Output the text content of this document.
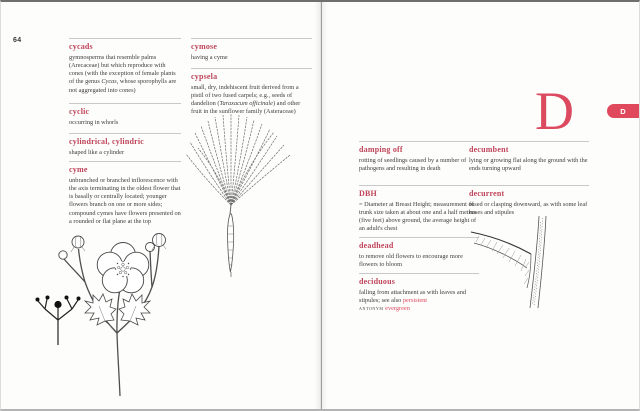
64
cycads

gymnosperms that resemble palms (Arecaceae) but which reproduce with cones (with the exception of female plants of the genus Cycas, whose sporophylls are not aggregated into cones)

cyclic

occurring in whorls

cylindrical, cylindric

shaped like a cylinder

cyme

unbranched or branched inflorescence with the axis terminating in the oldest flower that is basally or centrally located; younger flowers branch on one or more sides; compound cymes have flowers presented on a rounded or flat plane at the top

cymose

having a cyme

cypsela

small, dry, indehiscent fruit derived from a pistil of two fused carpels; e.g., seeds of dandelion (Taraxacum officinale) and other fruit in the sunflower family (Asteraceae)	D	D
damping off

rotting of seedlings caused by a number of pathogens and resulting in death

DBH

= Diameter at Breast Height; measurement of trunk size taken at about one and a half meters (five feet) above ground, the average height of an adult's chest

deadhead

to remove old flowers to encourage more flowers to bloom

deciduous

falling from attachment as with leaves and stipules; see also persistent
antonym evergreen

decumbent

lying or growing flat along the ground with the ends turning upward

decurrent

fused or clasping downward, as with some leaf bases and stipules
